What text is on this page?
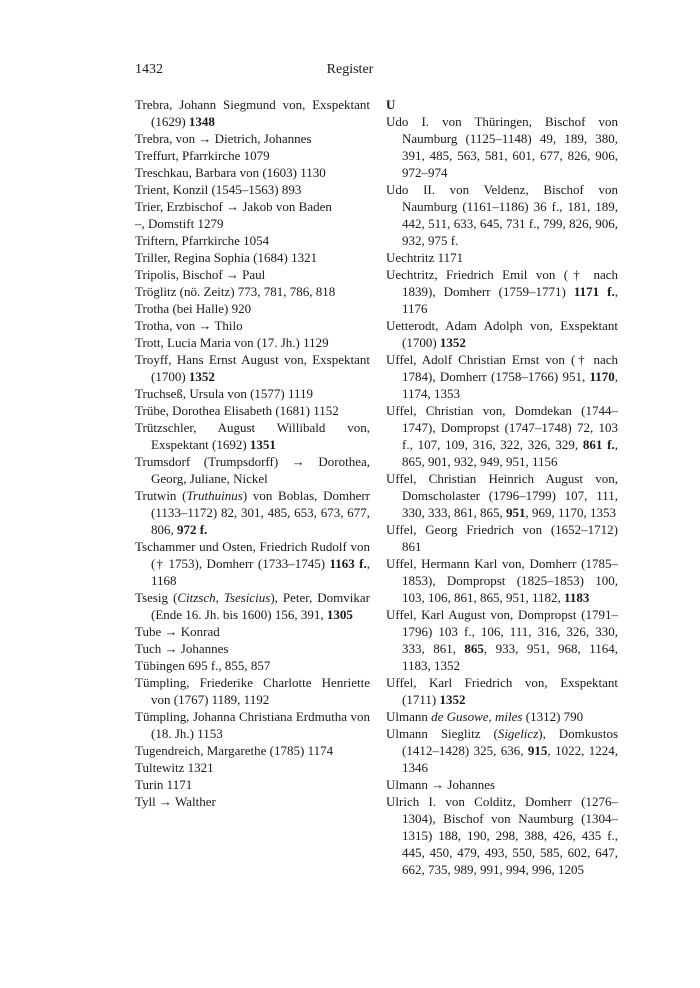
1432	Register
Trebra, Johann Siegmund von, Exspektant (1629) 1348
Trebra, von → Dietrich, Johannes
Treffurt, Pfarrkirche 1079
Treschkau, Barbara von (1603) 1130
Trient, Konzil (1545–1563) 893
Trier, Erzbischof → Jakob von Baden
–, Domstift 1279
Triftern, Pfarrkirche 1054
Triller, Regina Sophia (1684) 1321
Tripolis, Bischof → Paul
Tröglitz (nö. Zeitz) 773, 781, 786, 818
Trotha (bei Halle) 920
Trotha, von → Thilo
Trott, Lucia Maria von (17. Jh.) 1129
Troyff, Hans Ernst August von, Exspektant (1700) 1352
Truchseß, Ursula von (1577) 1119
Trübe, Dorothea Elisabeth (1681) 1152
Trützschler, August Willibald von, Exspektant (1692) 1351
Trumsdorf (Trumpsdorff) → Dorothea, Georg, Juliane, Nickel
Trutwin (Truthuinus) von Boblas, Domherr (1133–1172) 82, 301, 485, 653, 673, 677, 806, 972 f.
Tschammer und Osten, Friedrich Rudolf von († 1753), Domherr (1733–1745) 1163 f., 1168
Tsesig (Citzsch, Tsesicius), Peter, Domvikar (Ende 16. Jh. bis 1600) 156, 391, 1305
Tube → Konrad
Tuch → Johannes
Tübingen 695 f., 855, 857
Tümpling, Friederike Charlotte Henriette von (1767) 1189, 1192
Tümpling, Johanna Christiana Erdmutha von (18. Jh.) 1153
Tugendreich, Margarethe (1785) 1174
Tultewitz 1321
Turin 1171
Tyll → Walther
U
Udo I. von Thüringen, Bischof von Naumburg (1125–1148) 49, 189, 380, 391, 485, 563, 581, 601, 677, 826, 906, 972–974
Udo II. von Veldenz, Bischof von Naumburg (1161–1186) 36 f., 181, 189, 442, 511, 633, 645, 731 f., 799, 826, 906, 932, 975 f.
Uechtritz 1171
Uechtritz, Friedrich Emil von († nach 1839), Domherr (1759–1771) 1171 f., 1176
Uetterodt, Adam Adolph von, Exspektant (1700) 1352
Uffel, Adolf Christian Ernst von († nach 1784), Domherr (1758–1766) 951, 1170, 1174, 1353
Uffel, Christian von, Domdekan (1744–1747), Dompropst (1747–1748) 72, 103 f., 107, 109, 316, 322, 326, 329, 861 f., 865, 901, 932, 949, 951, 1156
Uffel, Christian Heinrich August von, Domscholaster (1796–1799) 107, 111, 330, 333, 861, 865, 951, 969, 1170, 1353
Uffel, Georg Friedrich von (1652–1712) 861
Uffel, Hermann Karl von, Domherr (1785–1853), Dompropst (1825–1853) 100, 103, 106, 861, 865, 951, 1182, 1183
Uffel, Karl August von, Dompropst (1791–1796) 103 f., 106, 111, 316, 326, 330, 333, 861, 865, 933, 951, 968, 1164, 1183, 1352
Uffel, Karl Friedrich von, Exspektant (1711) 1352
Ulmann de Gusowe, miles (1312) 790
Ulmann Sieglitz (Sigelicz), Domkustos (1412–1428) 325, 636, 915, 1022, 1224, 1346
Ulmann → Johannes
Ulrich I. von Colditz, Domherr (1276–1304), Bischof von Naumburg (1304–1315) 188, 190, 298, 388, 426, 435 f., 445, 450, 479, 493, 550, 585, 602, 647, 662, 735, 989, 991, 994, 996, 1205
